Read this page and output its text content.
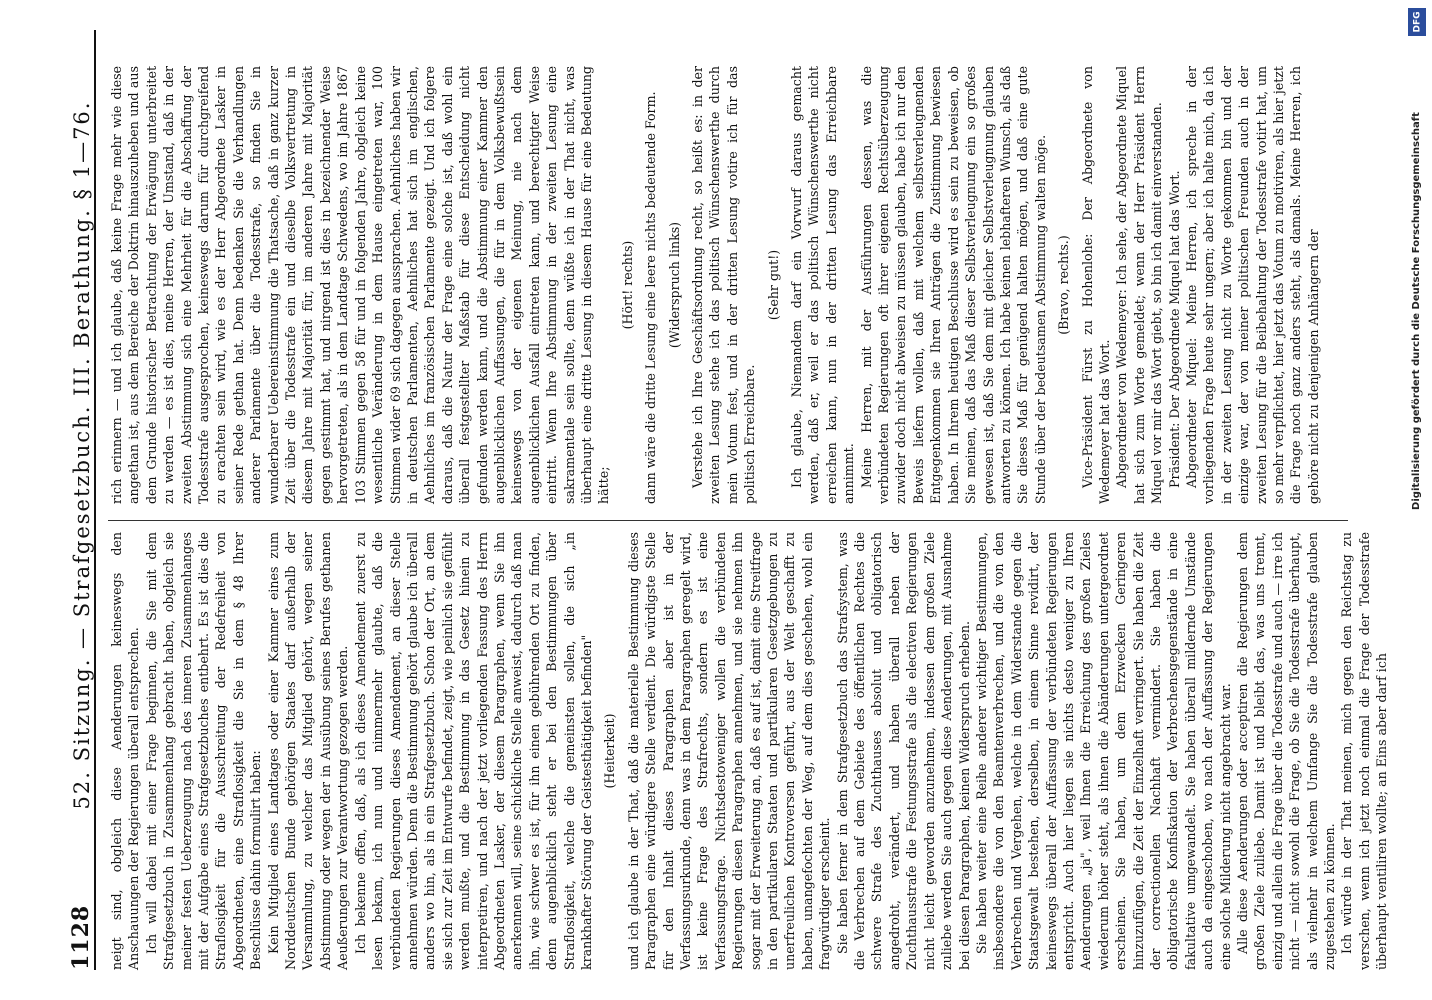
1128
52. Sitzung. — Strafgesetzbuch. III. Berathung. § 1—76. neigt sind, obgleich diese Aenderungen keineswegs den Anschauungen der Regierungen überall entsprechen. Ich will dabei mit einer Frage beginnen, die Sie mit dem Strafgesetzbuch in Zusammenhang gebracht haben, obgleich sie meiner festen Ueberzeugung nach des inneren Zusammenhanges mit der Aufgabe eines Strafgesetzbuches entbehrt. Es ist dies die Straflosigkeit für die Ausschreitung der Redefreiheit von Abgeordneten, eine Straflosigkeit die Sie in dem § 48 Ihrer Beschlüsse dahin formulirt haben: Kein Mitglied eines Landtages oder einer Kammer eines zum Norddeutschen Bunde gehörigen Staates darf außerhalb der Versammlung, zu welcher das Mitglied gehört, wegen seiner Abstimmung oder wegen der in Ausübung seines Berufes gethanen Aeußerungen zur Verantwortung gezogen werden. Ich bekenne offen, daß, als ich dieses Amendement zuerst zu lesen bekam, ich nun und nimmermehr glaubte, daß die verbündeten Regierungen dieses Amendement, an dieser Stelle annehmen würden. Denn die Bestimmung gehört glaube ich überall anders wo hin, als in ein Strafgesetzbuch. Schon der Ort, an dem sie sich zur Zeit im Entwurfe befindet, zeigt, wie peinlich sie gefühlt werden mußte, und die Bestimmung in das Gesetz hinein zu interpretiren, und nach der jetzt vorliegenden Fassung des Herrn Abgeordneten Lasker, der diesem Paragraphen, wenn Sie ihn anerkennen will, seine schickliche Stelle anweist, dadurch daß man ihn, wie schwer es ist, für ihn einen gebührenden Ort zu finden, denn augenblicklich steht er bei den Bestimmungen über Straflosigkeit, welche die gemeinsten sollen, die sich „in krankhafter Störung der Geistesthätigkeit befinden" (Heiterkeit) und ich glaube in der That, daß die materielle Bestimmung dieses Paragraphen eine würdigere Stelle verdient. Die würdigste Stelle für den Inhalt dieses Paragraphen aber ist in der Verfassungsurkunde, denn was in dem Paragraphen geregelt wird, ist keine Frage des Strafrechts, sondern es ist eine Verfassungsfrage. Nichtsdestoweniger wollen die verbündeten Regierungen diesen Paragraphen annehmen, und sie nehmen ihn sogar mit der Erweiterung an, daß es auf ist, damit eine Streitfrage in den partikularen Staaten und partikularen Gesetzgebungen zu unerfreulichen Kontroversen geführt, aus der Welt geschafft zu haben, unangefochten der Weg, auf dem dies geschehen, wohl ein fragwürdiger erscheint. Sie haben ferner in dem Strafgesetzbuch das Strafsystem, was die Verbrechen auf dem Gebiete des öffentlichen Rechtes die schwere Strafe des Zuchthauses absolut und obligatorisch angedroht, verändert, und haben überall neben der Zuchthausstrafe die Festungsstrafe als die electiven Regierungen nicht leicht geworden anzunehmen, indessen dem großen Ziele zuliebe werden Sie auch gegen diese Aenderungen, mit Ausnahme bei diesen Paragraphen, keinen Widerspruch erheben. Sie haben weiter eine Reihe anderer wichtiger Bestimmungen, insbesondere die von den Beamtenverbrechen, und die von den Verbrechen und Vergehen, welche in dem Widerstande gegen die Staatsgewalt bestehen, derselben, in einem Sinne revidirt, der keineswegs überall der Auffassung der verbündeten Regierungen entspricht. Auch hier liegen sie nichts desto weniger zu Ihren Aenderungen „ja", weil Ihnen die Erreichung des großen Zieles wiederum höher steht, als ihnen die Abänderungen untergeordnet erscheinen. Sie haben, um dem Erzwecken Geringeren hinzuzufügen, die Zeit der Einzelhaft verringert. Sie haben die Zeit der correctionellen Nachhaft vermindert. Sie haben die obligatorische Konfiskation der Verbrechensgegenstände in eine fakultative umgewandelt. Sie haben überall mildernde Umstände auch da eingeschoben, wo nach der Auffassung der Regierungen eine solche Milderung nicht angebracht war. Alle diese Aenderungen oder acceptiren die Regierungen dem großen Ziele zuliebe. Damit ist und bleibt das, was uns trennt, einzig und allein die Frage über die Todesstrafe und auch — irre ich nicht — nicht sowohl die Frage, ob Sie die Todesstrafe überhaupt, als vielmehr in welchem Umfange Sie die Todesstrafe glauben zugestehen zu können. Ich würde in der That meinen, mich gegen den Reichstag zu verschen, wenn ich jetzt noch einmal die Frage der Todesstrafe überhaupt ventiliren wollte; an Eins aber darf ich

rich erinnern — und ich glaube, daß keine Frage mehr wie diese angethan ist, aus dem Bereiche der Doktrin hinauszuheben und aus dem Grunde historischer Betrachtung der Erwägung unterbreitet zu werden — es ist dies, meine Herren, der Umstand, daß in der zweiten Abstimmung sich eine Mehrheit für die Abschaffung der Todesstrafe ausgesprochen, keineswegs darum für durchgreifend zu erachten sein wird, wie es der Herr Abgeordnete Lasker in seiner Rede gethan hat. Denn bedenken Sie die Verhandlungen anderer Parlamente über die Todesstrafe, so finden Sie in wunderbarer Uebereinstimmung die Thatsache, daß in ganz kurzer Zeit über die Todesstrafe ein und dieselbe Volksvertretung in diesem Jahre mit Majorität für, im anderen Jahre mit Majorität gegen gestimmt hat, und nirgend ist dies in bezeichnender Weise hervorgetreten, als in dem Landtage Schwedens, wo im Jahre 1867 103 Stimmen gegen 58 für und in folgenden Jahre, obgleich keine wesentliche Veränderung in dem Hause eingetreten war, 100 Stimmen wider 69 sich dagegen aussprachen. Aehnliches haben wir in deutschen Parlamenten, Aehnliches hat sich im englischen, Aehnliches im französischen Parlamente gezeigt. Und ich folgere daraus, daß die Natur der Frage eine solche ist, daß wohl ein überall festgestellter Maßstab für diese Entscheidung nicht gefunden werden kann, und die Abstimmung einer Kammer den augenblicklichen Auffassungen, die für in dem Volksbewußtsein keineswegs von der eigenen Meinung, nie nach dem augenblicklichen Ausfall eintreten kann, und berechtigter Weise eintritt. Wenn Ihre Abstimmung in der zweiten Lesung eine sakramentale sein sollte, denn wüßte ich in der That nicht, was überhaupt eine dritte Lesung in diesem Hause für eine Bedeutung hätte;

(Hört! rechts) dann wäre die dritte Lesung eine leere nichts bedeutende Form. (Widerspruch links) Verstehe ich Ihre Geschäftsordnung recht, so heißt es: in der zweiten Lesung stehe ich das politisch Wünschenswerthe durch mein Votum fest, und in der dritten Lesung votire ich für das politisch Erreichbare.

(Sehr gut!) Ich glaube, Niemandem darf ein Vorwurf daraus gemacht werden, daß er, weil er das politisch Wünschenswerthe nicht erreichen kann, nun in der dritten Lesung das Erreichbare annimmt. Meine Herren, mit der Ausführungen dessen, was die verbündeten Regierungen oft ihrer eigenen Rechtsüberzeugung zuwider doch nicht abweisen zu müssen glauben, habe ich nur den Beweis liefern wollen, daß mit welchem selbstverleugnenden Entgegenkommen sie Ihren Anträgen die Zustimmung bewiesen haben. In Ihrem heutigen Beschlusse wird es sein zu beweisen, ob Sie meinen, daß das Maß dieser Selbstverleugnung ein so großes gewesen ist, daß Sie dem mit gleicher Selbstverleugnung glauben antworten zu können. Ich habe keinen lebhafteren Wunsch, als daß Sie dieses Maß für genügend halten mögen, und daß eine gute Stunde über der bedeutsamen Abstimmung walten möge. (Bravo, rechts.) Vice-Präsident Fürst zu Hohenlohe: Der Abgeordnete von Wedemeyer hat das Wort. Abgeordneter von Wedemeyer: Ich sehe, der Abgeordnete Miquel hat sich zum Worte gemeldet; wenn der Herr Präsident Herrn Miquel vor mir das Wort giebt, so bin ich damit einverstanden. Präsident: Der Abgeordnete Miquel hat das Wort. Abgeordneter Miquel: Meine Herren, ich spreche in der vorliegenden Frage heute sehr ungern; aber ich halte mich, da ich in der zweiten Lesung nicht zu Worte gekommen bin und der einzige war, der von meiner politischen Freunden auch in der zweiten Lesung für die Beibehaltung der Todesstrafe votirt hat, um so mehr verpflichtet, hier jetzt das Votum zu motiviren, als hier jetzt die Frage noch ganz anders steht, als damals. Meine Herren, ich gehöre nicht zu denjenigen Anhängern der

DFG
Digitalisierung gefördert durch die Deutsche Forschungsgemeinschaft
